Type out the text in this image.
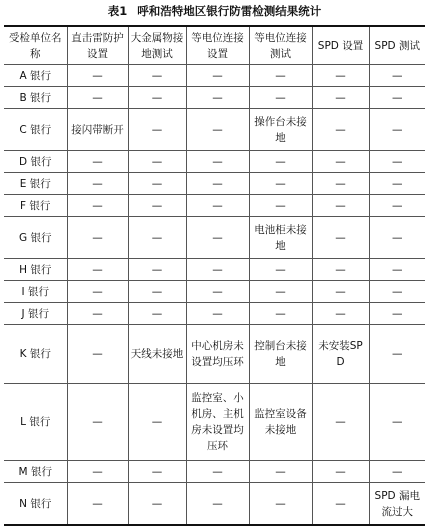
表1 呼和浩特地区银行防雷检测结果统计
受检单位名称	直击雷防护设置	大金属物接地测试	等电位连接设置	等电位连接测试	SPD 设置	SPD 测试
A 银行	—	—	—	—	—	—
B 银行	—	—	—	—	—	—
C 银行	接闪带断开	—	—	操作台未接地	—	—
D 银行	—	—	—	—	—	—
E 银行	—	—	—	—	—	—
F 银行	—	—	—	—	—	—
G 银行	—	—	—	电池柜未接地	—	—
H 银行	—	—	—	—	—	—
I 银行	—	—	—	—	—	—
J 银行	—	—	—	—	—	—
K 银行	—	天线未接地	中心机房未设置均压环	控制台未接地	未安装SPD	—
L 银行	—	—	监控室、小机房、主机房未设置均压环	监控室设备未接地	—	—
M 银行	—	—	—	—	—	—
N 银行	—	—	—	—	—	SPD 漏电流过大
